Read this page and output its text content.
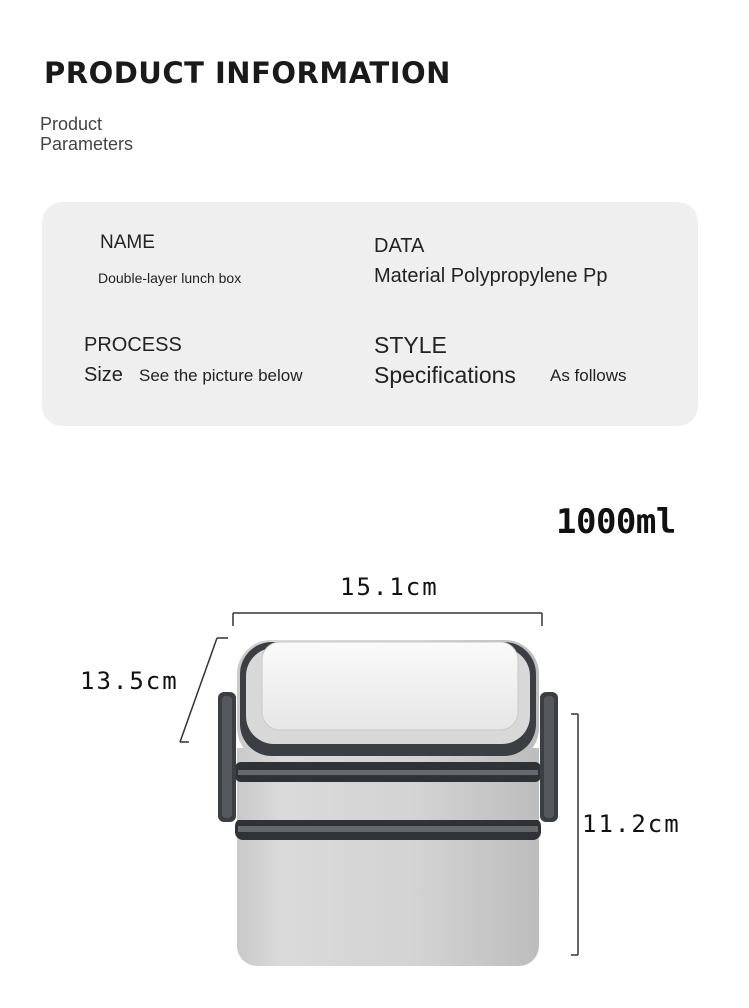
PRODUCT INFORMATION
Product
Parameters
NAME
Double-layer lunch box
DATA
Material Polypropylene Pp
PROCESS
Size See the picture below
STYLE
Specifications As follows
1000ml
15.1cm
13.5cm
11.2cm
